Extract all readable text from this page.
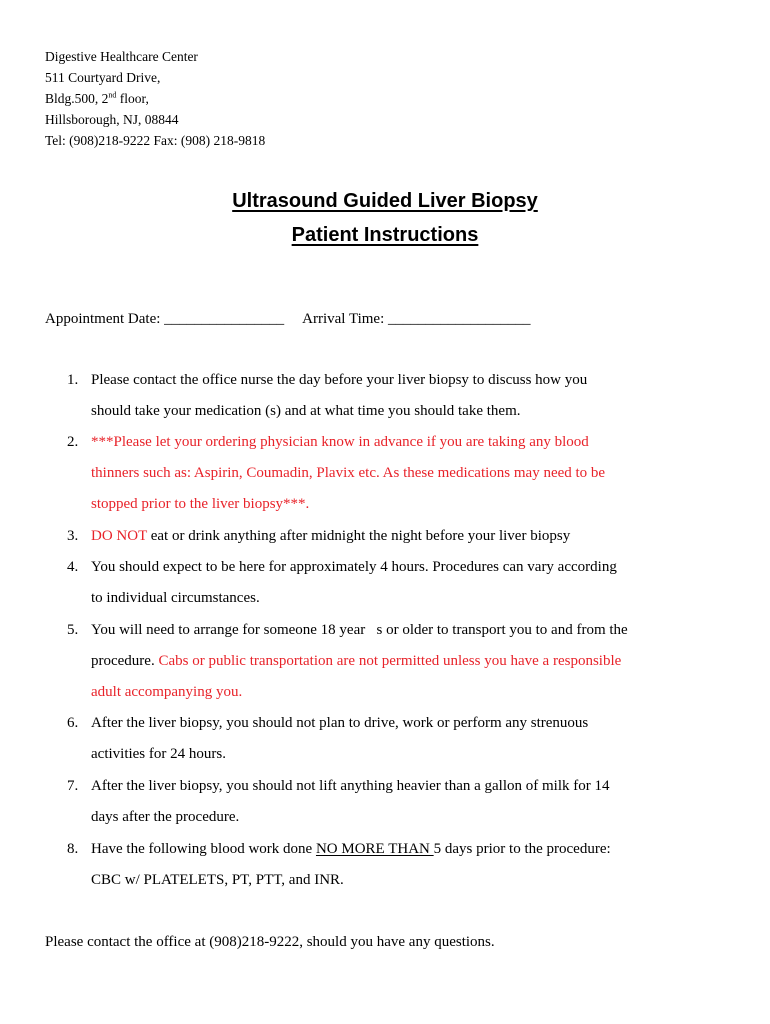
Digestive Healthcare Center
511 Courtyard Drive,
Bldg.500, 2nd floor,
Hillsborough, NJ, 08844
Tel: (908)218-9222 Fax: (908) 218-9818
Ultrasound Guided Liver Biopsy
Patient Instructions
Appointment Date: ________________ Arrival Time: ___________________
1. Please contact the office nurse the day before your liver biopsy to discuss how you
should take your medication (s) and at what time you should take them.
2. ***Please let your ordering physician know in advance if you are taking any blood
thinners such as: Aspirin, Coumadin, Plavix etc. As these medications may need to be
stopped prior to the liver biopsy***.
3. DO NOT eat or drink anything after midnight the night before your liver biopsy
4. You should expect to be here for approximately 4 hours. Procedures can vary according
to individual circumstances.
5. You will need to arrange for someone 18 year   s or older to transport you to and from the
procedure. Cabs or public transportation are not permitted unless you have a responsible
adult accompanying you.
6. After the liver biopsy, you should not plan to drive, work or perform any strenuous
activities for 24 hours.
7. After the liver biopsy, you should not lift anything heavier than a gallon of milk for 14
days after the procedure.
8. Have the following blood work done NO MORE THAN 5 days prior to the procedure:
CBC w/ PLATELETS, PT, PTT, and INR.
Please contact the office at (908)218-9222, should you have any questions.
